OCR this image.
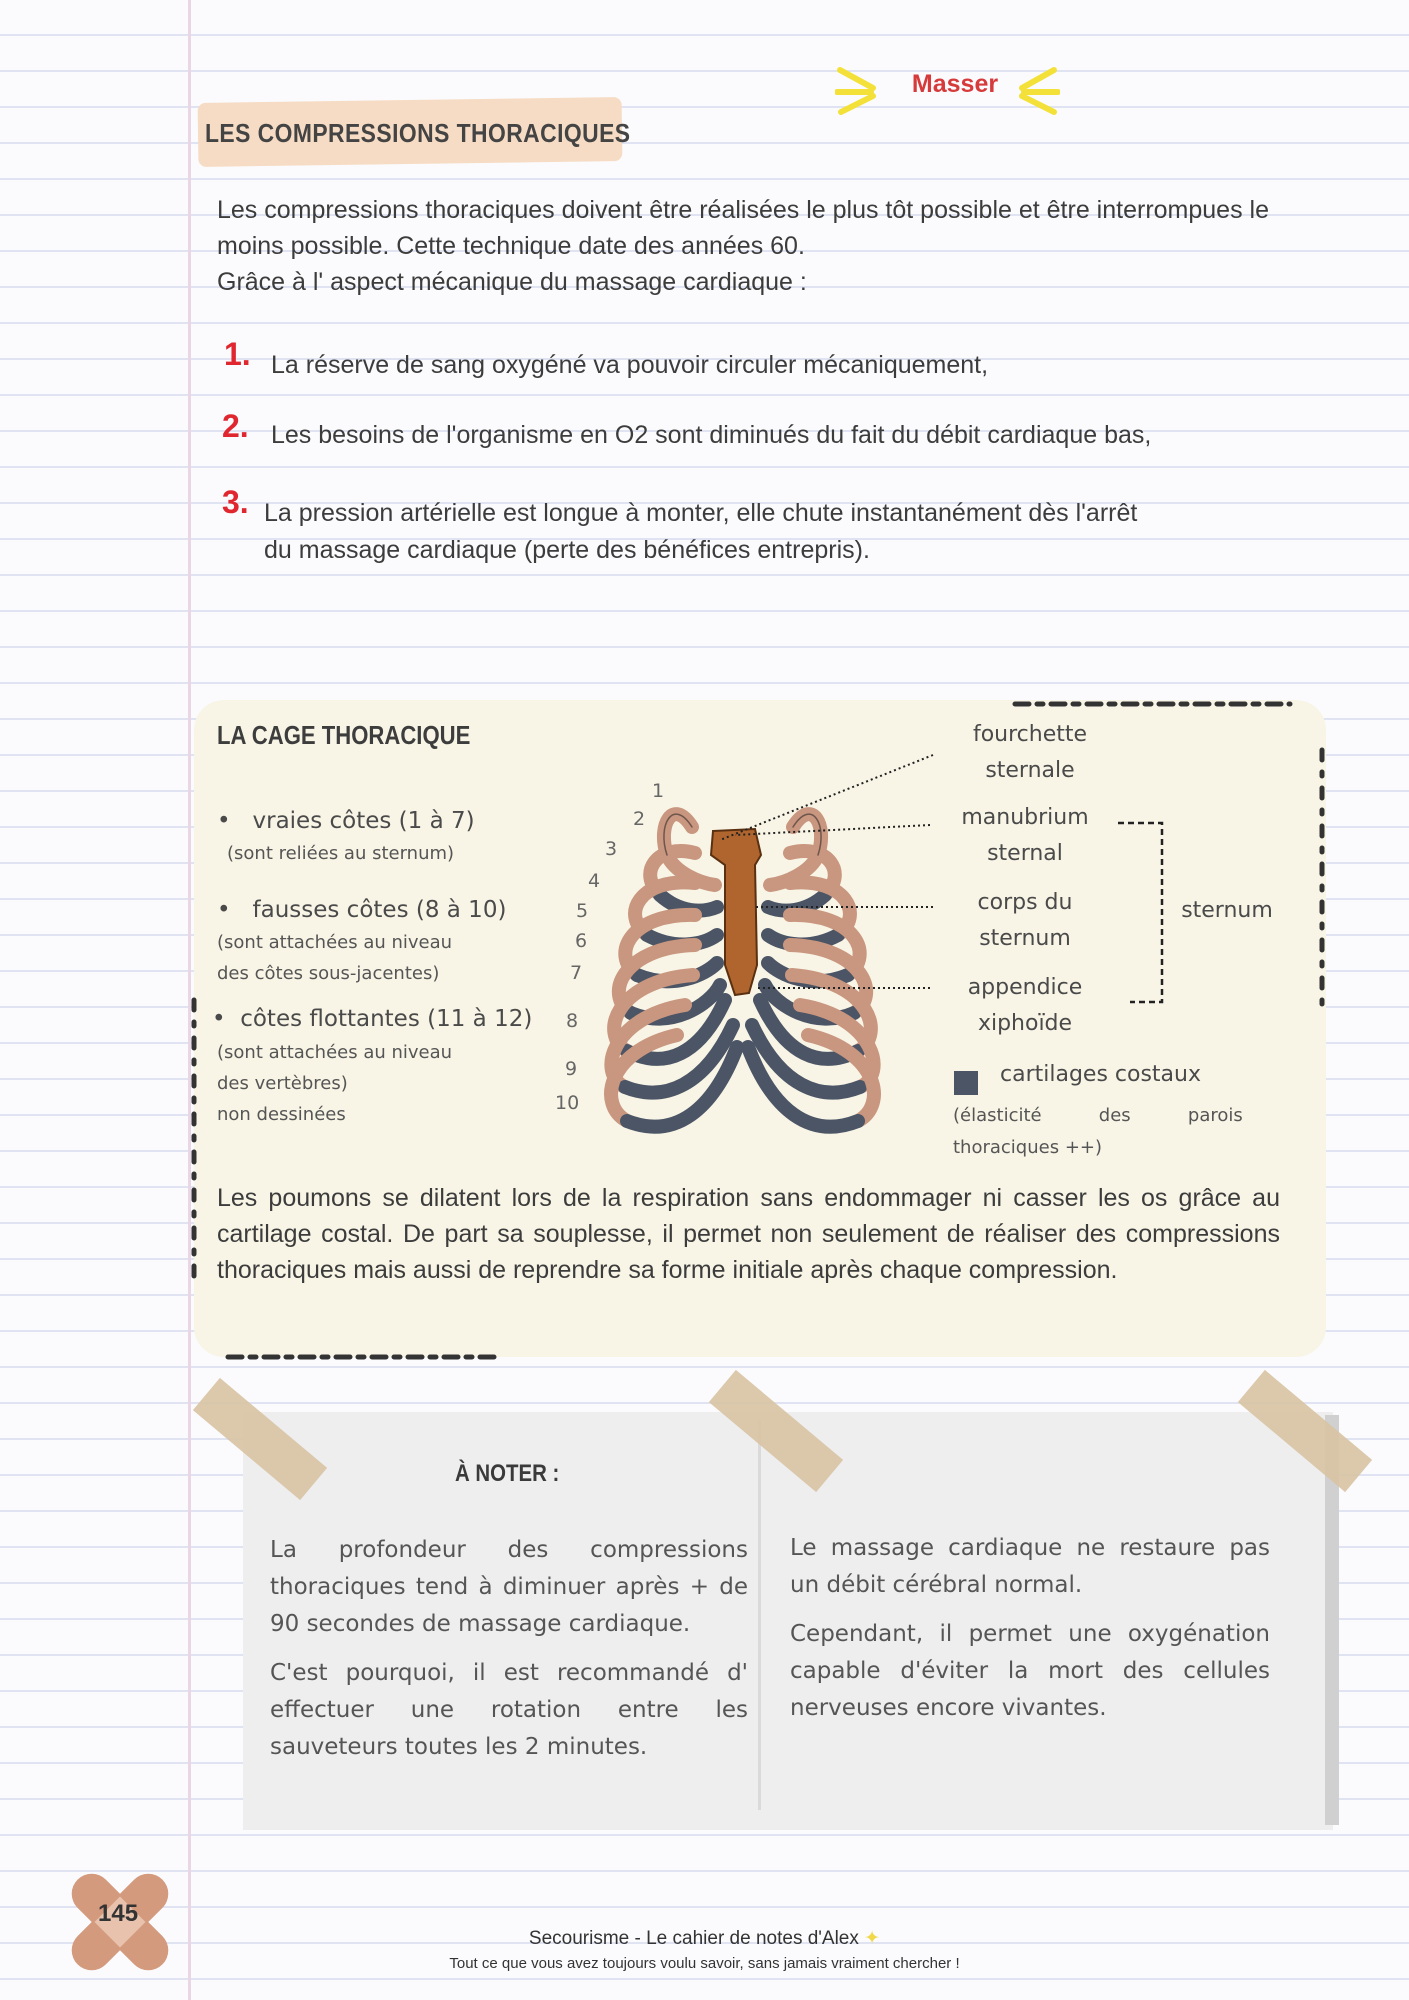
Masser
LES COMPRESSIONS THORACIQUES

Les compressions thoraciques doivent être réalisées le plus tôt possible et être interrompues le moins possible. Cette technique date des années 60.

Grâce à l' aspect mécanique du massage cardiaque :

1. La réserve de sang oxygéné va pouvoir circuler mécaniquement,
2. Les besoins de l'organisme en O2 sont diminués du fait du débit cardiaque bas,
3. La pression artérielle est longue à monter, elle chute instantanément dès l'arrêt
du massage cardiaque (perte des bénéfices entrepris).
LA CAGE THORACIQUE
•   vraies côtes (1 à 7)
(sont reliées au sternum)
•   fausses côtes (8 à 10)
(sont attachées au niveau
des côtes sous-jacentes)
•  côtes flottantes (11 à 12)
(sont attachées au niveau
des vertèbres)
non dessinées
1
2
3
4
5
6
7
8
9
10
fourchette
sternale
manubrium
sternal
corps du
sternum
appendice
xiphoïde
sternum
cartilages costaux
(élasticité          des          parois
thoraciques ++)
Les poumons se dilatent lors de la respiration sans endommager ni casser les os grâce au cartilage costal. De part sa souplesse, il permet non seulement de réaliser des compressions thoraciques mais aussi de reprendre sa forme initiale après chaque compression.
À NOTER :

La profondeur des compressions thoraciques tend à diminuer après + de 90 secondes de massage cardiaque.

C'est pourquoi, il est recommandé d' effectuer une rotation entre les sauveteurs toutes les 2 minutes.

Le massage cardiaque ne restaure pas un débit cérébral normal.

Cependant, il permet une oxygénation capable d'éviter la mort des cellules nerveuses encore vivantes.

145
Secourisme - Le cahier de notes d'Alex ✦
Tout ce que vous avez toujours voulu savoir, sans jamais vraiment chercher !
